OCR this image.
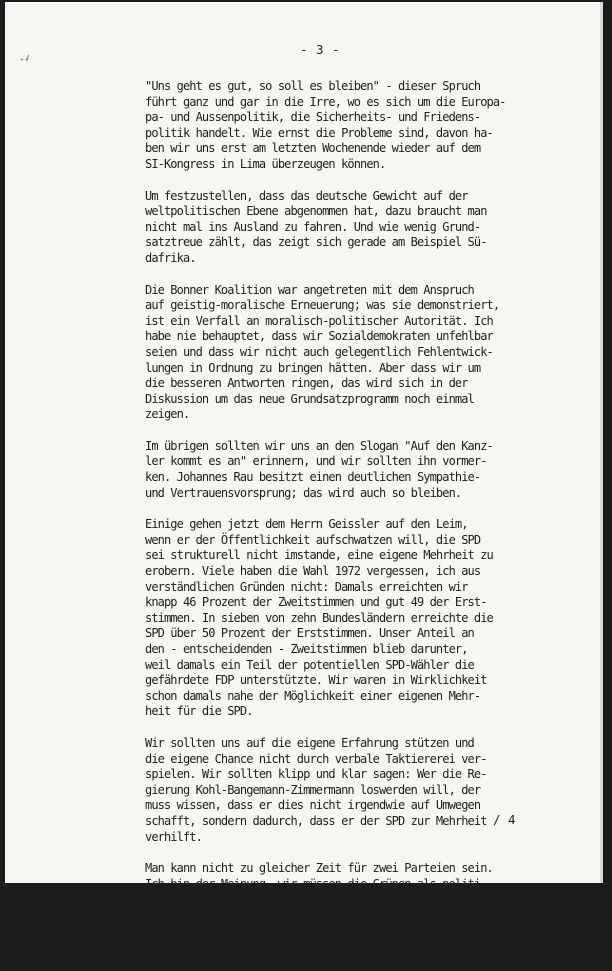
- 3 -
·✓
"Uns geht es gut, so soll es bleiben" - dieser Spruch
führt ganz und gar in die Irre, wo es sich um die Europa-
pa- und Aussenpolitik, die Sicherheits- und Friedens-
politik handelt. Wie ernst die Probleme sind, davon ha-
ben wir uns erst am letzten Wochenende wieder auf dem
SI-Kongress in Lima überzeugen können.
Um festzustellen, dass das deutsche Gewicht auf der
weltpolitischen Ebene abgenommen hat, dazu braucht man
nicht mal ins Ausland zu fahren. Und wie wenig Grund-
satztreue zählt, das zeigt sich gerade am Beispiel Sü-
dafrika.
Die Bonner Koalition war angetreten mit dem Anspruch
auf geistig-moralische Erneuerung; was sie demonstriert,
ist ein Verfall an moralisch-politischer Autorität. Ich
habe nie behauptet, dass wir Sozialdemokraten unfehlbar
seien und dass wir nicht auch gelegentlich Fehlentwick-
lungen in Ordnung zu bringen hätten. Aber dass wir um
die besseren Antworten ringen, das wird sich in der
Diskussion um das neue Grundsatzprogramm noch einmal
zeigen.
Im übrigen sollten wir uns an den Slogan "Auf den Kanz-
ler kommt es an" erinnern, und wir sollten ihn vormer-
ken. Johannes Rau besitzt einen deutlichen Sympathie-
und Vertrauensvorsprung; das wird auch so bleiben.
Einige gehen jetzt dem Herrn Geissler auf den Leim,
wenn er der Öffentlichkeit aufschwatzen will, die SPD
sei strukturell nicht imstande, eine eigene Mehrheit zu
erobern. Viele haben die Wahl 1972 vergessen, ich aus
verständlichen Gründen nicht: Damals erreichten wir
knapp 46 Prozent der Zweitstimmen und gut 49 der Erst-
stimmen. In sieben von zehn Bundesländern erreichte die
SPD über 50 Prozent der Erststimmen. Unser Anteil an
den - entscheidenden - Zweitstimmen blieb darunter,
weil damals ein Teil der potentiellen SPD-Wähler die
gefährdete FDP unterstützte. Wir waren in Wirklichkeit
schon damals nahe der Möglichkeit einer eigenen Mehr-
heit für die SPD.
Wir sollten uns auf die eigene Erfahrung stützen und
die eigene Chance nicht durch verbale Taktiererei ver-
spielen. Wir sollten klipp und klar sagen: Wer die Re-
gierung Kohl-Bangemann-Zimmermann loswerden will, der
muss wissen, dass er dies nicht irgendwie auf Umwegen
schafft, sondern dadurch, dass er der SPD zur Mehrheit
verhilft.
Man kann nicht zu gleicher Zeit für zwei Parteien sein.
Ich bin der Meinung, wir müssen die Grünen als politi-
sche Gegner bekämpfen - nicht in einer Schlammschlacht,
wie es die CDU dann auch noch mit Hilfe von Rot-Grün-
Gespenstern tut, sondern in Form der Auseinandersetzung
mit deren illusorischen und abwegigen Positionen.
/ 4
